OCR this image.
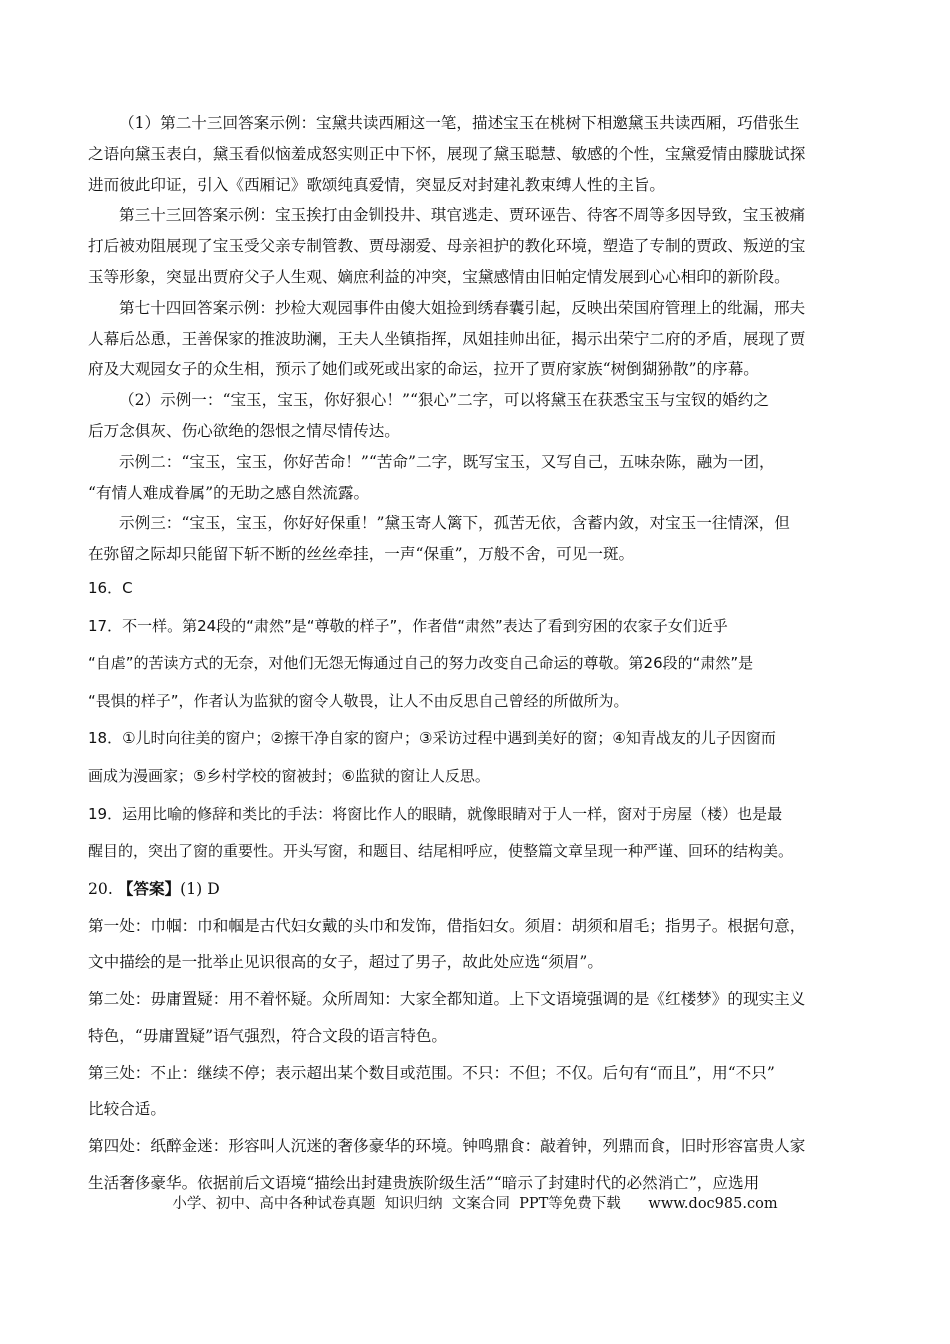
（1）第二十三回答案示例：宝黛共读西厢这一笔，描述宝玉在桃树下相邀黛玉共读西厢，巧借张生

之语向黛玉表白，黛玉看似恼羞成怒实则正中下怀，展现了黛玉聪慧、敏感的个性，宝黛爱情由朦胧试探

进而彼此印证，引入《西厢记》歌颂纯真爱情，突显反对封建礼教束缚人性的主旨。

第三十三回答案示例：宝玉挨打由金钏投井、琪官逃走、贾环诬告、待客不周等多因导致，宝玉被痛

打后被劝阻展现了宝玉受父亲专制管教、贾母溺爱、母亲袒护的教化环境，塑造了专制的贾政、叛逆的宝

玉等形象，突显出贾府父子人生观、嫡庶利益的冲突，宝黛感情由旧帕定情发展到心心相印的新阶段。

第七十四回答案示例：抄检大观园事件由傻大姐捡到绣春囊引起，反映出荣国府管理上的纰漏，邢夫

人幕后怂恿，王善保家的推波助澜，王夫人坐镇指挥，凤姐挂帅出征，揭示出荣宁二府的矛盾，展现了贾

府及大观园女子的众生相，预示了她们或死或出家的命运，拉开了贾府家族“树倒猢狲散”的序幕。

（2）示例一：“宝玉，宝玉，你好狠心！”“狠心”二字，可以将黛玉在获悉宝玉与宝钗的婚约之

后万念俱灰、伤心欲绝的怨恨之情尽情传达。

示例二：“宝玉，宝玉，你好苦命！”“苦命”二字，既写宝玉，又写自己，五味杂陈，融为一团，

“有情人难成眷属”的无助之感自然流露。

示例三：“宝玉，宝玉，你好好保重！”黛玉寄人篱下，孤苦无依，含蓄内敛，对宝玉一往情深，但

在弥留之际却只能留下斩不断的丝丝牵挂，一声“保重”，万般不舍，可见一斑。

16．C

17．不一样。第24段的“肃然”是“尊敬的样子”，作者借“肃然”表达了看到穷困的农家子女们近乎

“自虐”的苦读方式的无奈，对他们无怨无悔通过自己的努力改变自己命运的尊敬。第26段的“肃然”是

“畏惧的样子”，作者认为监狱的窗令人敬畏，让人不由反思自己曾经的所做所为。

18．①儿时向往美的窗户；②擦干净自家的窗户；③采访过程中遇到美好的窗；④知青战友的儿子因窗而

画成为漫画家；⑤乡村学校的窗被封；⑥监狱的窗让人反思。

19．运用比喻的修辞和类比的手法：将窗比作人的眼睛，就像眼睛对于人一样，窗对于房屋（楼）也是最

醒目的，突出了窗的重要性。开头写窗，和题目、结尾相呼应，使整篇文章呈现一种严谨、回环的结构美。

20. 【答案】(1) D

第一处：巾帼：巾和帼是古代妇女戴的头巾和发饰，借指妇女。须眉：胡须和眉毛；指男子。根据句意，

文中描绘的是一批举止见识很高的女子，超过了男子，故此处应选“须眉”。

第二处：毋庸置疑：用不着怀疑。众所周知：大家全都知道。上下文语境强调的是《红楼梦》的现实主义

特色，“毋庸置疑”语气强烈，符合文段的语言特色。

第三处：不止：继续不停；表示超出某个数目或范围。不只：不但；不仅。后句有“而且”，用“不只”

比较合适。

第四处：纸醉金迷：形容叫人沉迷的奢侈豪华的环境。钟鸣鼎食：敲着钟，列鼎而食，旧时形容富贵人家

生活奢侈豪华。依据前后文语境“描绘出封建贵族阶级生活”“暗示了封建时代的必然消亡”，应选用

小学、初中、高中各种试卷真题  知识归纳  文案合同  PPT等免费下载 www.doc985.com
